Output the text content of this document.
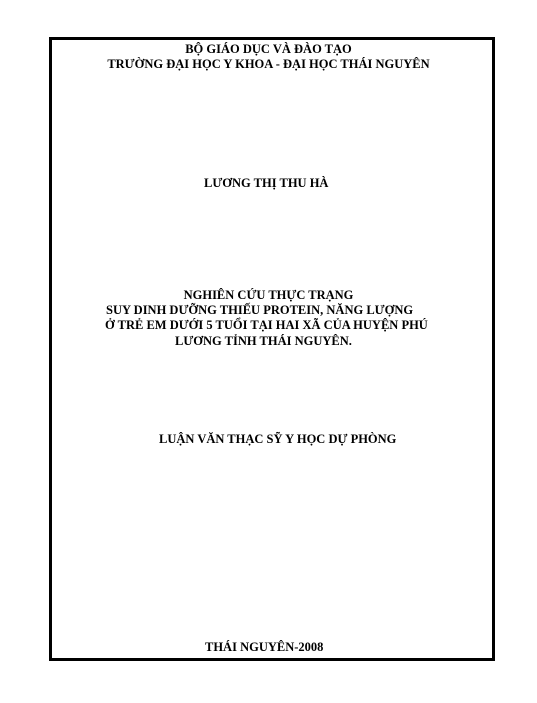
BỘ GIÁO DỤC VÀ ĐÀO TẠO
TRƯỜNG ĐẠI HỌC Y KHOA - ĐẠI HỌC THÁI NGUYÊN
LƯƠNG THỊ THU HÀ
NGHIÊN CỨU THỰC TRẠNG
SUY DINH DƯỠNG THIẾU PROTEIN, NĂNG LƯỢNG
Ở TRẺ EM DƯỚI 5 TUỔI TẠI HAI XÃ CỦA HUYỆN PHÚ
LƯƠNG TỈNH THÁI NGUYÊN.
LUẬN VĂN THẠC SỸ Y HỌC DỰ PHÒNG
THÁI NGUYÊN-2008
